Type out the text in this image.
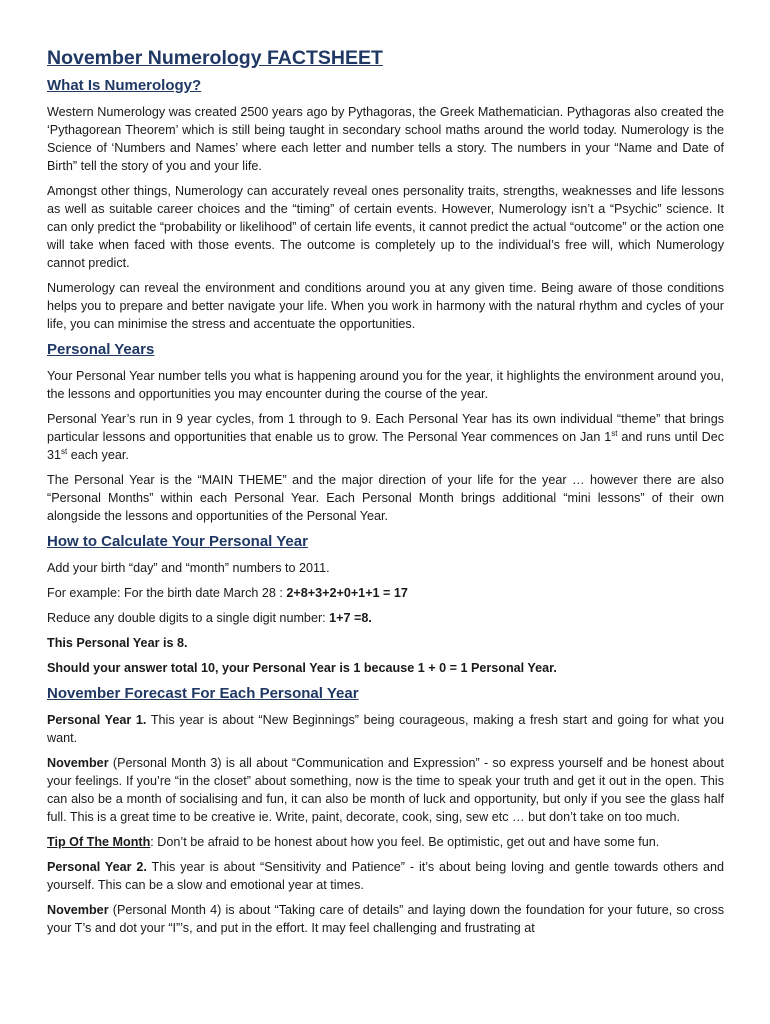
November Numerology FACTSHEET
What Is Numerology?

Western Numerology was created 2500 years ago by Pythagoras, the Greek Mathematician. Pythagoras also created the ‘Pythagorean Theorem’ which is still being taught in secondary school maths around the world today. Numerology is the Science of ‘Numbers and Names’ where each letter and number tells a story. The numbers in your “Name and Date of Birth” tell the story of you and your life.

Amongst other things, Numerology can accurately reveal ones personality traits, strengths, weaknesses and life lessons as well as suitable career choices and the “timing” of certain events. However, Numerology isn’t a “Psychic” science. It can only predict the “probability or likelihood” of certain life events, it cannot predict the actual “outcome” or the action one will take when faced with those events. The outcome is completely up to the individual’s free will, which Numerology cannot predict.

Numerology can reveal the environment and conditions around you at any given time. Being aware of those conditions helps you to prepare and better navigate your life. When you work in harmony with the natural rhythm and cycles of your life, you can minimise the stress and accentuate the opportunities.

Personal Years

Your Personal Year number tells you what is happening around you for the year, it highlights the environment around you, the lessons and opportunities you may encounter during the course of the year.

Personal Year’s run in 9 year cycles, from 1 through to 9. Each Personal Year has its own individual “theme” that brings particular lessons and opportunities that enable us to grow. The Personal Year commences on Jan 1st and runs until Dec 31st each year.

The Personal Year is the “MAIN THEME” and the major direction of your life for the year … however there are also “Personal Months” within each Personal Year. Each Personal Month brings additional “mini lessons” of their own alongside the lessons and opportunities of the Personal Year.

How to Calculate Your Personal Year

Add your birth “day” and “month” numbers to 2011.

For example: For the birth date March 28 : 2+8+3+2+0+1+1 = 17

Reduce any double digits to a single digit number: 1+7 =8.

This Personal Year is 8.

Should your answer total 10, your Personal Year is 1 because 1 + 0 = 1 Personal Year.

November Forecast For Each Personal Year

Personal Year 1. This year is about “New Beginnings” being courageous, making a fresh start and going for what you want.

November (Personal Month 3) is all about “Communication and Expression” - so express yourself and be honest about your feelings. If you’re “in the closet” about something, now is the time to speak your truth and get it out in the open. This can also be a month of socialising and fun, it can also be month of luck and opportunity, but only if you see the glass half full. This is a great time to be creative ie. Write, paint, decorate, cook, sing, sew etc … but don’t take on too much.

Tip Of The Month: Don’t be afraid to be honest about how you feel. Be optimistic, get out and have some fun.

Personal Year 2. This year is about “Sensitivity and Patience” - it’s about being loving and gentle towards others and yourself. This can be a slow and emotional year at times.

November (Personal Month 4) is about “Taking care of details” and laying down the foundation for your future, so cross your T’s and dot your “I”’s, and put in the effort. It may feel challenging and frustrating at
